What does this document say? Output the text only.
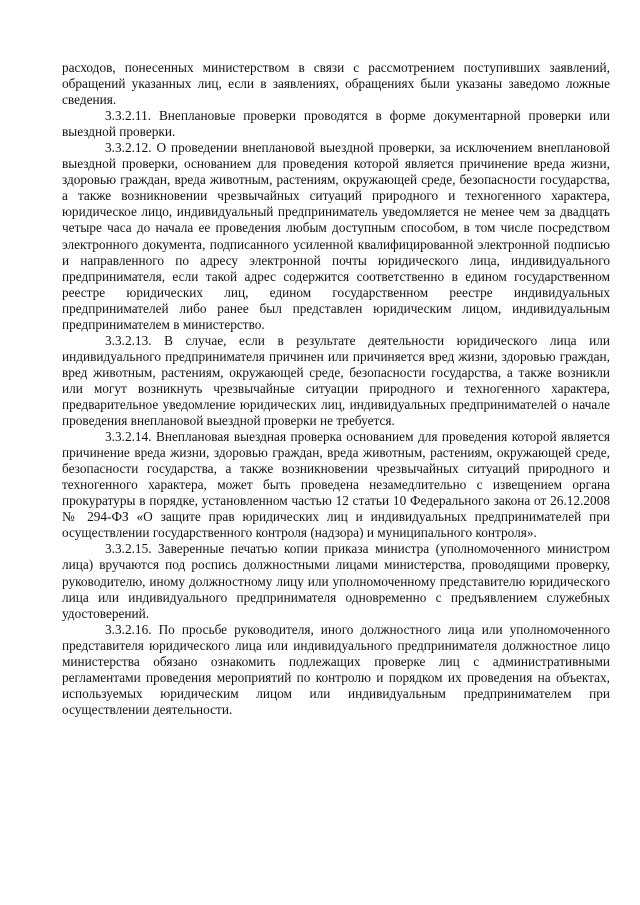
расходов, понесенных министерством в связи с рассмотрением поступивших заявлений, обращений указанных лиц, если в заявлениях, обращениях были указаны заведомо ложные сведения.

3.3.2.11. Внеплановые проверки проводятся в форме документарной проверки или выездной проверки.

3.3.2.12. О проведении внеплановой выездной проверки, за исключением внеплановой выездной проверки, основанием для проведения которой является причинение вреда жизни, здоровью граждан, вреда животным, растениям, окружающей среде, безопасности государства, а также возникновении чрезвычайных ситуаций природного и техногенного характера, юридическое лицо, индивидуальный предприниматель уведомляется не менее чем за двадцать четыре часа до начала ее проведения любым доступным способом, в том числе посредством электронного документа, подписанного усиленной квалифицированной электронной подписью и направленного по адресу электронной почты юридического лица, индивидуального предпринимателя, если такой адрес содержится соответственно в едином государственном реестре юридических лиц, едином государственном реестре индивидуальных предпринимателей либо ранее был представлен юридическим лицом, индивидуальным предпринимателем в министерство.

3.3.2.13. В случае, если в результате деятельности юридического лица или индивидуального предпринимателя причинен или причиняется вред жизни, здоровью граждан, вред животным, растениям, окружающей среде, безопасности государства, а также возникли или могут возникнуть чрезвычайные ситуации природного и техногенного характера, предварительное уведомление юридических лиц, индивидуальных предпринимателей о начале проведения внеплановой выездной проверки не требуется.

3.3.2.14. Внеплановая выездная проверка основанием для проведения которой является причинение вреда жизни, здоровью граждан, вреда животным, растениям, окружающей среде, безопасности государства, а также возникновении чрезвычайных ситуаций природного и техногенного характера, может быть проведена незамедлительно с извещением органа прокуратуры в порядке, установленном частью 12 статьи 10 Федерального закона от 26.12.2008 № 294-ФЗ «О защите прав юридических лиц и индивидуальных предпринимателей при осуществлении государственного контроля (надзора) и муниципального контроля».

3.3.2.15. Заверенные печатью копии приказа министра (уполномоченного министром лица) вручаются под роспись должностными лицами министерства, проводящими проверку, руководителю, иному должностному лицу или уполномоченному представителю юридического лица или индивидуального предпринимателя одновременно с предъявлением служебных удостоверений.

3.3.2.16. По просьбе руководителя, иного должностного лица или уполномоченного представителя юридического лица или индивидуального предпринимателя должностное лицо министерства обязано ознакомить подлежащих проверке лиц с административными регламентами проведения мероприятий по контролю и порядком их проведения на объектах, используемых юридическим лицом или индивидуальным предпринимателем при осуществлении деятельности.
